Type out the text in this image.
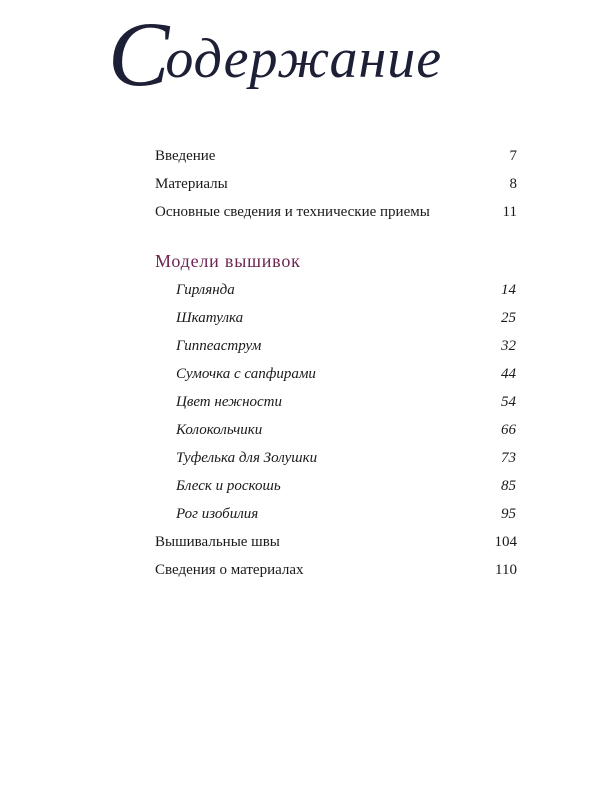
Содержание
Введение	7
Материалы	8
Основные сведения и технические приемы	11
Модели вышивок
Гирлянда	14
Шкатулка	25
Гиппеаструм	32
Сумочка с сапфирами	44
Цвет нежности	54
Колокольчики	66
Туфелька для Золушки	73
Блеск и роскошь	85
Рог изобилия	95
Вышивальные швы	104
Сведения о материалах	110
